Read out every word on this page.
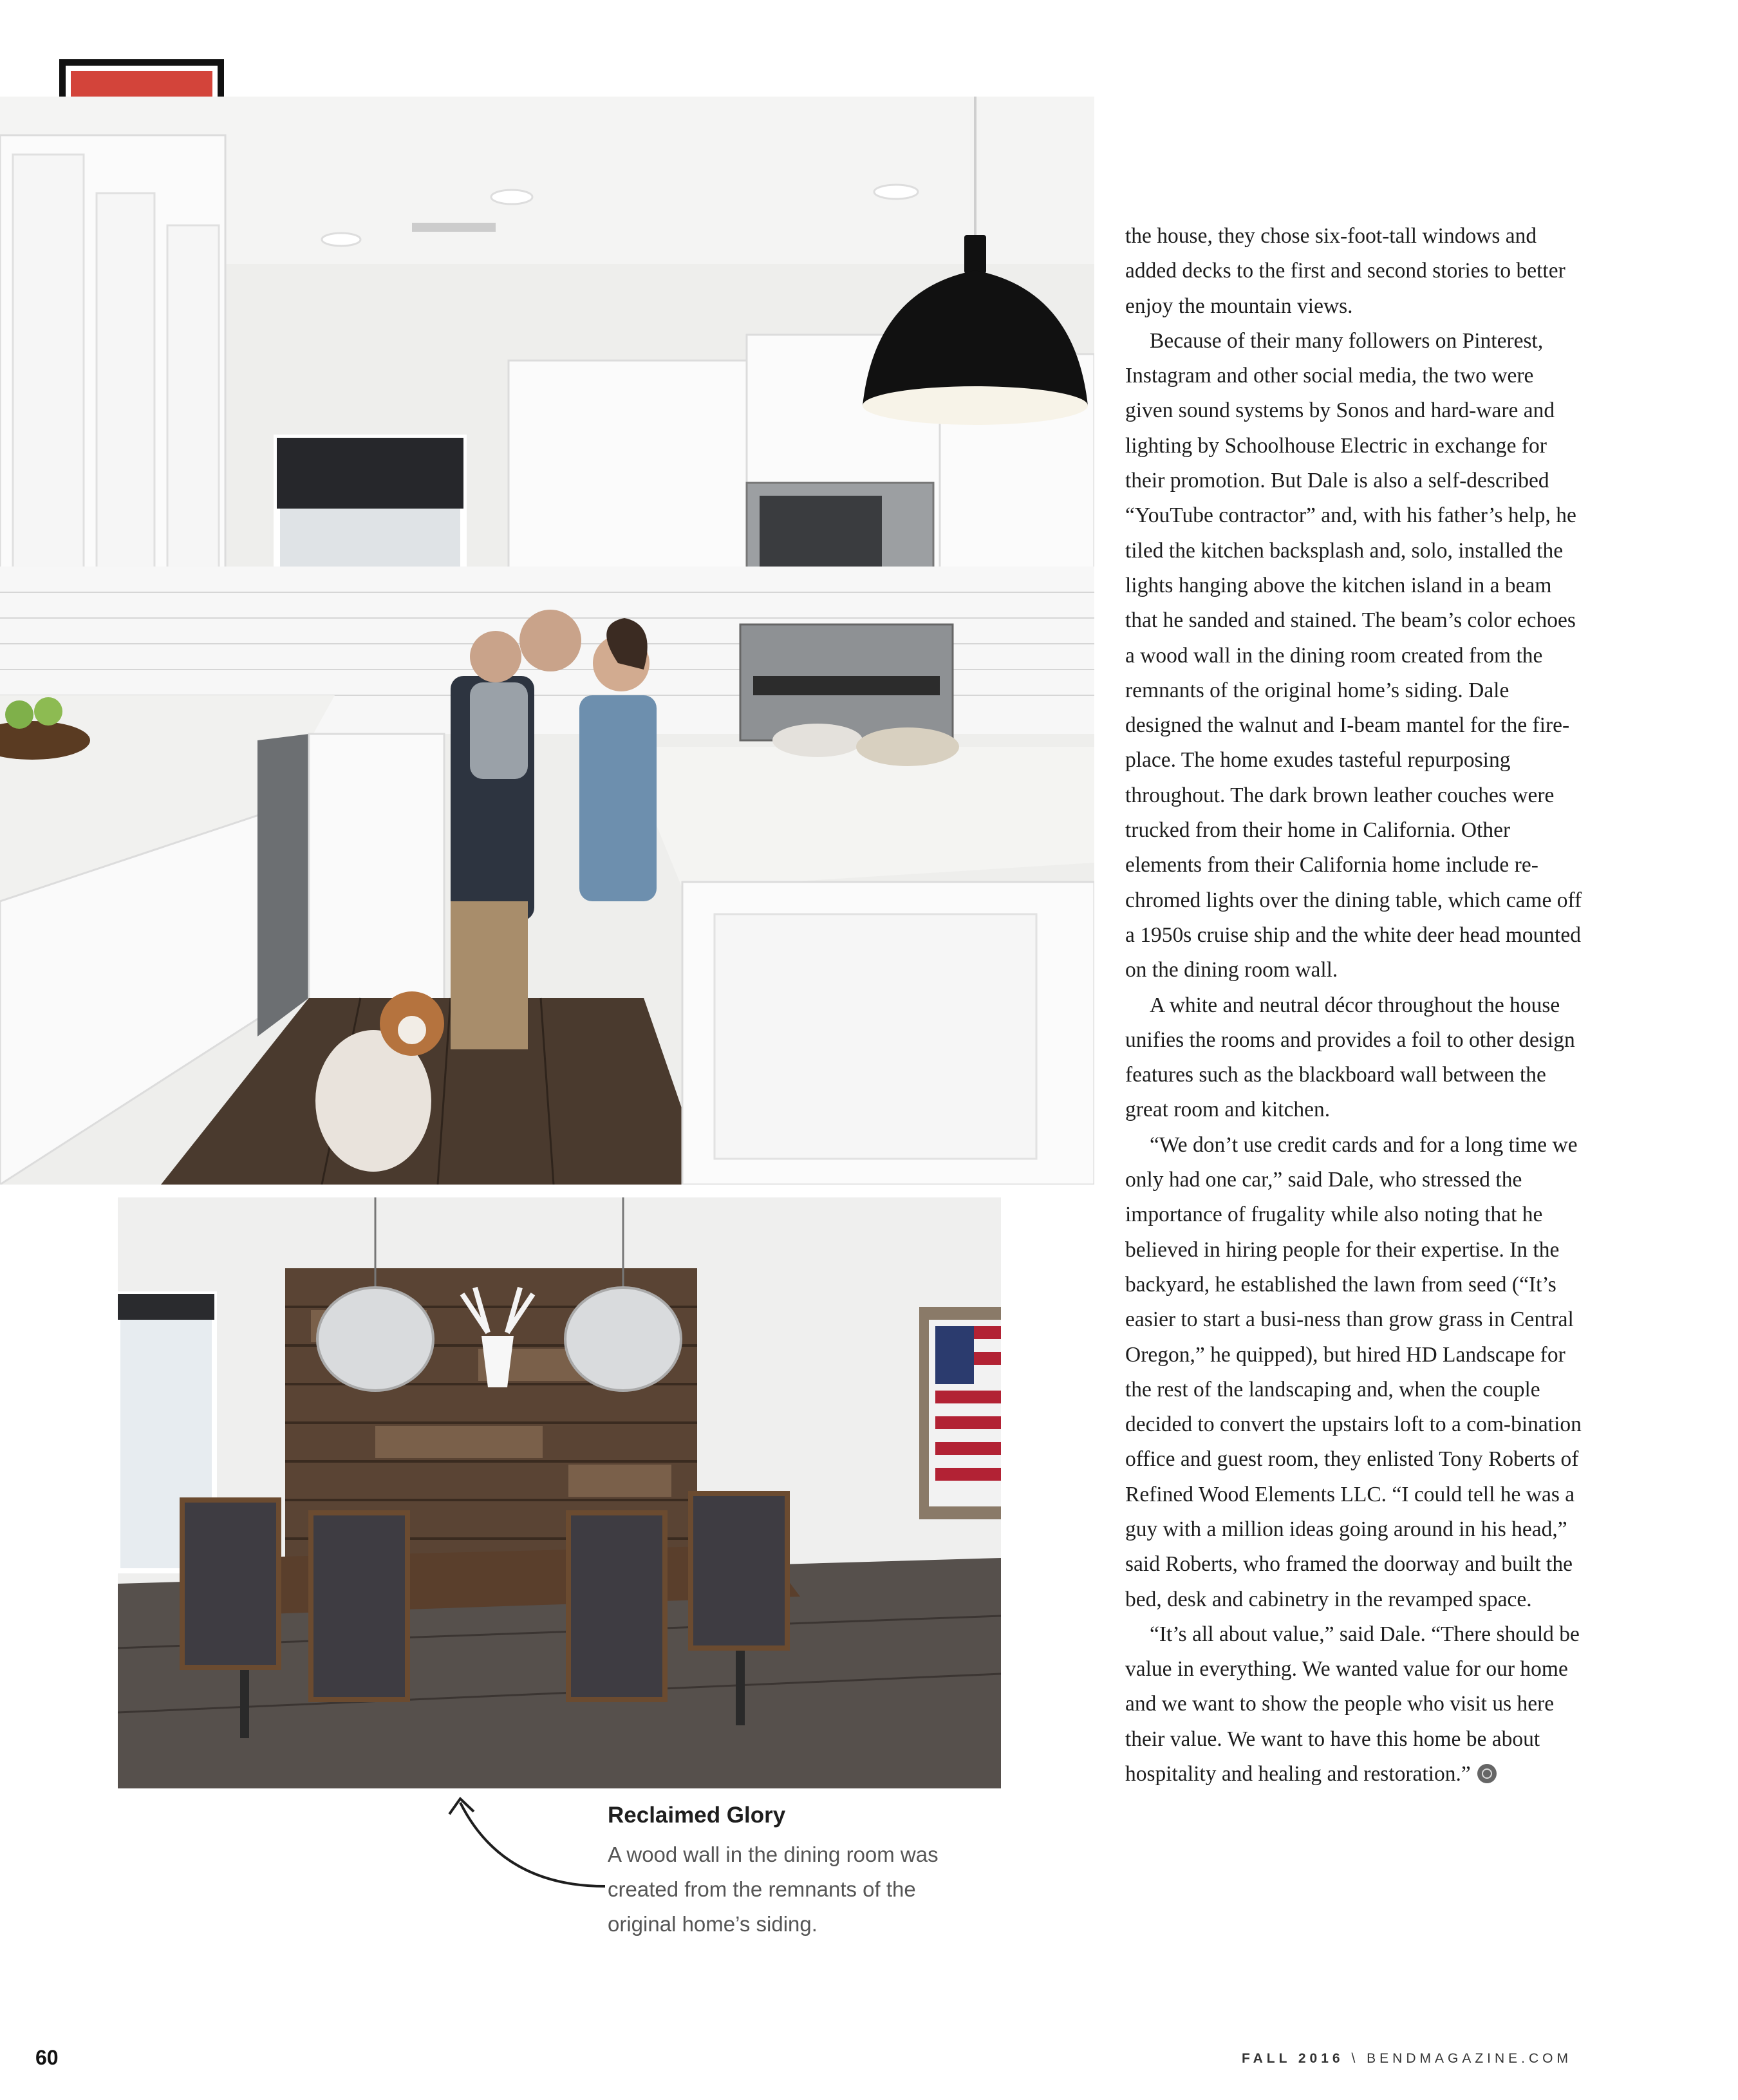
Reclaimed Glory

A wood wall in the dining room was created from the remnants of the original home’s siding.

the house, they chose six-foot-tall windows and added decks to the first and second stories to better enjoy the mountain views.

Because of their many followers on Pinterest, Instagram and other social media, the two were given sound systems by Sonos and hard-ware and lighting by Schoolhouse Electric in exchange for their promotion. But Dale is also a self-described “YouTube contractor” and, with his father’s help, he tiled the kitchen backsplash and, solo, installed the lights hanging above the kitchen island in a beam that he sanded and stained. The beam’s color echoes a wood wall in the dining room created from the remnants of the original home’s siding. Dale designed the walnut and I-beam mantel for the fire-place. The home exudes tasteful repurposing throughout. The dark brown leather couches were trucked from their home in California. Other elements from their California home include re-chromed lights over the dining table, which came off a 1950s cruise ship and the white deer head mounted on the dining room wall.

A white and neutral décor throughout the house unifies the rooms and provides a foil to other design features such as the blackboard wall between the great room and kitchen.

“We don’t use credit cards and for a long time we only had one car,” said Dale, who stressed the importance of frugality while also noting that he believed in hiring people for their expertise. In the backyard, he established the lawn from seed (“It’s easier to start a busi-ness than grow grass in Central Oregon,” he quipped), but hired HD Landscape for the rest of the landscaping and, when the couple decided to convert the upstairs loft to a com-bination office and guest room, they enlisted Tony Roberts of Refined Wood Elements LLC. “I could tell he was a guy with a million ideas going around in his head,” said Roberts, who framed the doorway and built the bed, desk and cabinetry in the revamped space.

“It’s all about value,” said Dale. “There should be value in everything. We wanted value for our home and we want to show the people who visit us here their value. We want to have this home be about hospitality and healing and restoration.”

60	FALL 2016 \ BENDMAGAZINE.COM
